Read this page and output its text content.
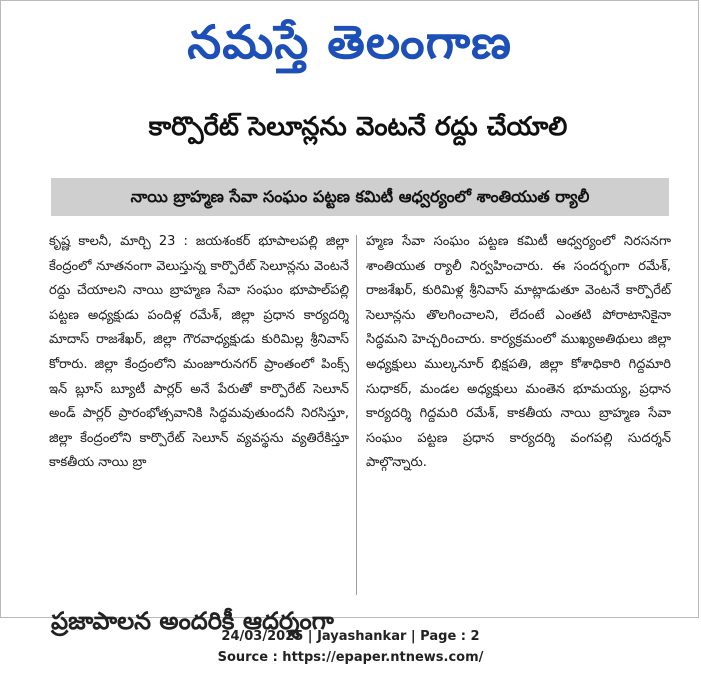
నమస్తే తెలంగాణ
కార్పొరేట్ సెలూన్లను వెంటనే రద్దు చేయాలి
నాయి బ్రాహ్మణ సేవా సంఘం పట్టణ కమిటీ ఆధ్వర్యంలో శాంతియుత ర్యాలీ

కృష్ణ కాలనీ, మార్చి 23 : జయశంకర్ భూపాలపల్లి జిల్లా కేంద్రంలో నూతనంగా వెలుస్తున్న కార్పొరేట్ సెలూన్లను వెంటనే రద్దు చేయాలని నాయి బ్రాహ్మణ సేవా సంఘం భూపాల్‌పల్లి పట్టణ అధ్యక్షుడు పందిళ్ల రమేశ్, జిల్లా ప్రధాన కార్యదర్శి మాదాస్ రాజశేఖర్, జిల్లా గౌరవాధ్యక్షుడు కురిమిల్ల శ్రీనివాస్ కోరారు. జిల్లా కేంద్రంలోని మంజూరునగర్ ప్రాంతంలో పింక్స్ ఇన్ బ్లూస్ బ్యూటీ పార్లర్ అనే పేరుతో కార్పొరేట్ సెలూన్ అండ్ పార్లర్ ప్రారంభోత్సవానికి సిద్ధమవుతుందనీ నిరసిస్తూ, జిల్లా కేంద్రంలోని కార్పొరేట్ సెలూన్ వ్యవస్థను వ్యతిరేకిస్తూ కాకతీయ నాయి బ్రా

హ్మణ సేవా సంఘం పట్టణ కమిటీ ఆధ్వర్యంలో నిరసనగా శాంతియుత ర్యాలీ నిర్వహించారు. ఈ సందర్భంగా రమేశ్, రాజశేఖర్, కురిమిళ్ల శ్రీనివాస్ మాట్లాడుతూ వెంటనే కార్పొరేట్ సెలూన్లను తొలగించాలని, లేదంటే ఎంతటి పోరాటానికైనా సిద్ధమని హెచ్చరించారు. కార్యక్రమంలో ముఖ్యఅతిథులు జిల్లా అధ్యక్షులు ముల్కనూర్ భిక్షపతి, జిల్లా కోశాధికారి గిద్దమారి సుధాకర్, మండల అధ్యక్షులు మంతెన భూమయ్య, ప్రధాన కార్యదర్శి గిద్దమరి రమేశ్, కాకతీయ నాయి బ్రాహ్మణ సేవా సంఘం పట్టణ ప్రధాన కార్యదర్శి వంగపల్లి సుదర్శన్ పాల్గొన్నారు.

ప్రజాపాలన అందరికీ ఆదర్శంగా
24/03/2025 | Jayashankar | Page : 2
Source : https://epaper.ntnews.com/
